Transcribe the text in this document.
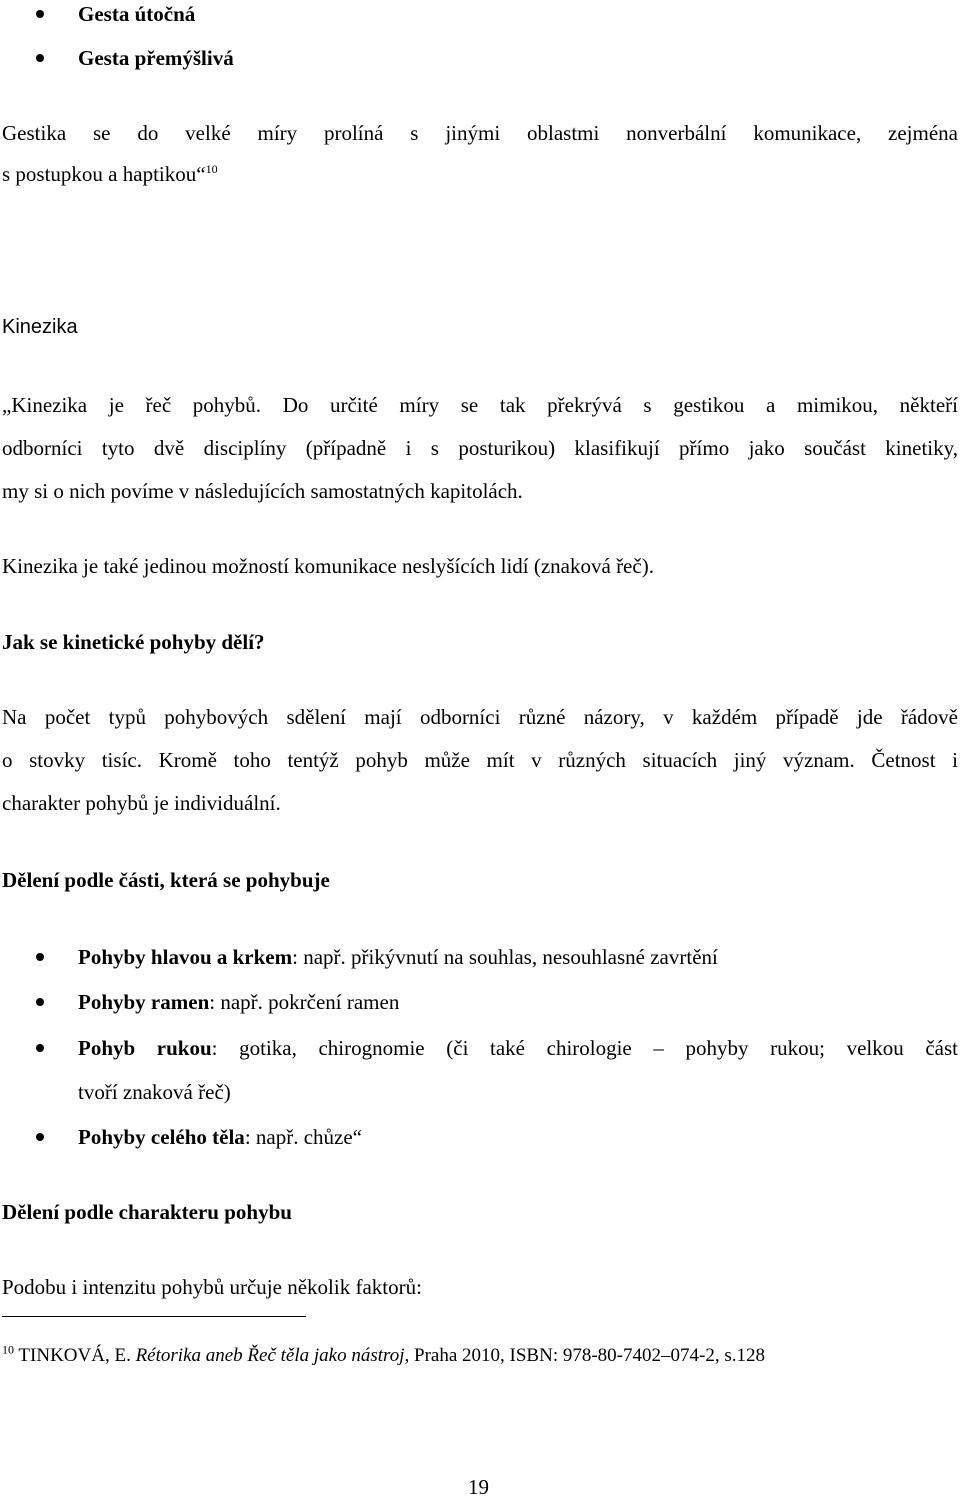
Gesta útočná
Gesta přemýšlivá
Gestika se do velké míry prolíná s jinými oblastmi nonverbální komunikace, zejména
s postupkou a haptikou“$^{10}$
Kinezika
„Kinezika je řeč pohybů. Do určité míry se tak překrývá s gestikou a mimikou, někteří
odborníci tyto dvě disciplíny (případně i s posturikou) klasifikují přímo jako součást kinetiky,
my si o nich povíme v následujících samostatných kapitolách.
Kinezika je také jedinou možností komunikace neslyšících lidí (znaková řeč).
Jak se kinetické pohyby dělí?
Na počet typů pohybových sdělení mají odborníci různé názory, v každém případě jde řádově
o stovky tisíc. Kromě toho tentýž pohyb může mít v různých situacích jiný význam. Četnost i
charakter pohybů je individuální.
Dělení podle části, která se pohybuje
Pohyby hlavou a krkem: např. přikývnutí na souhlas, nesouhlasné zavrtění
Pohyby ramen: např. pokrčení ramen
Pohyb rukou: gotika, chirognomie (či také chirologie – pohyby rukou; velkou část
tvoří znaková řeč)
Pohyby celého těla: např. chůze“
Dělení podle charakteru pohybu
Podobu i intenzitu pohybů určuje několik faktorů:
$^{10}$ TINKOVÁ, E. Rétorika aneb Řeč těla jako nástroj, Praha 2010, ISBN: 978-80-7402–074-2, s.128
19
